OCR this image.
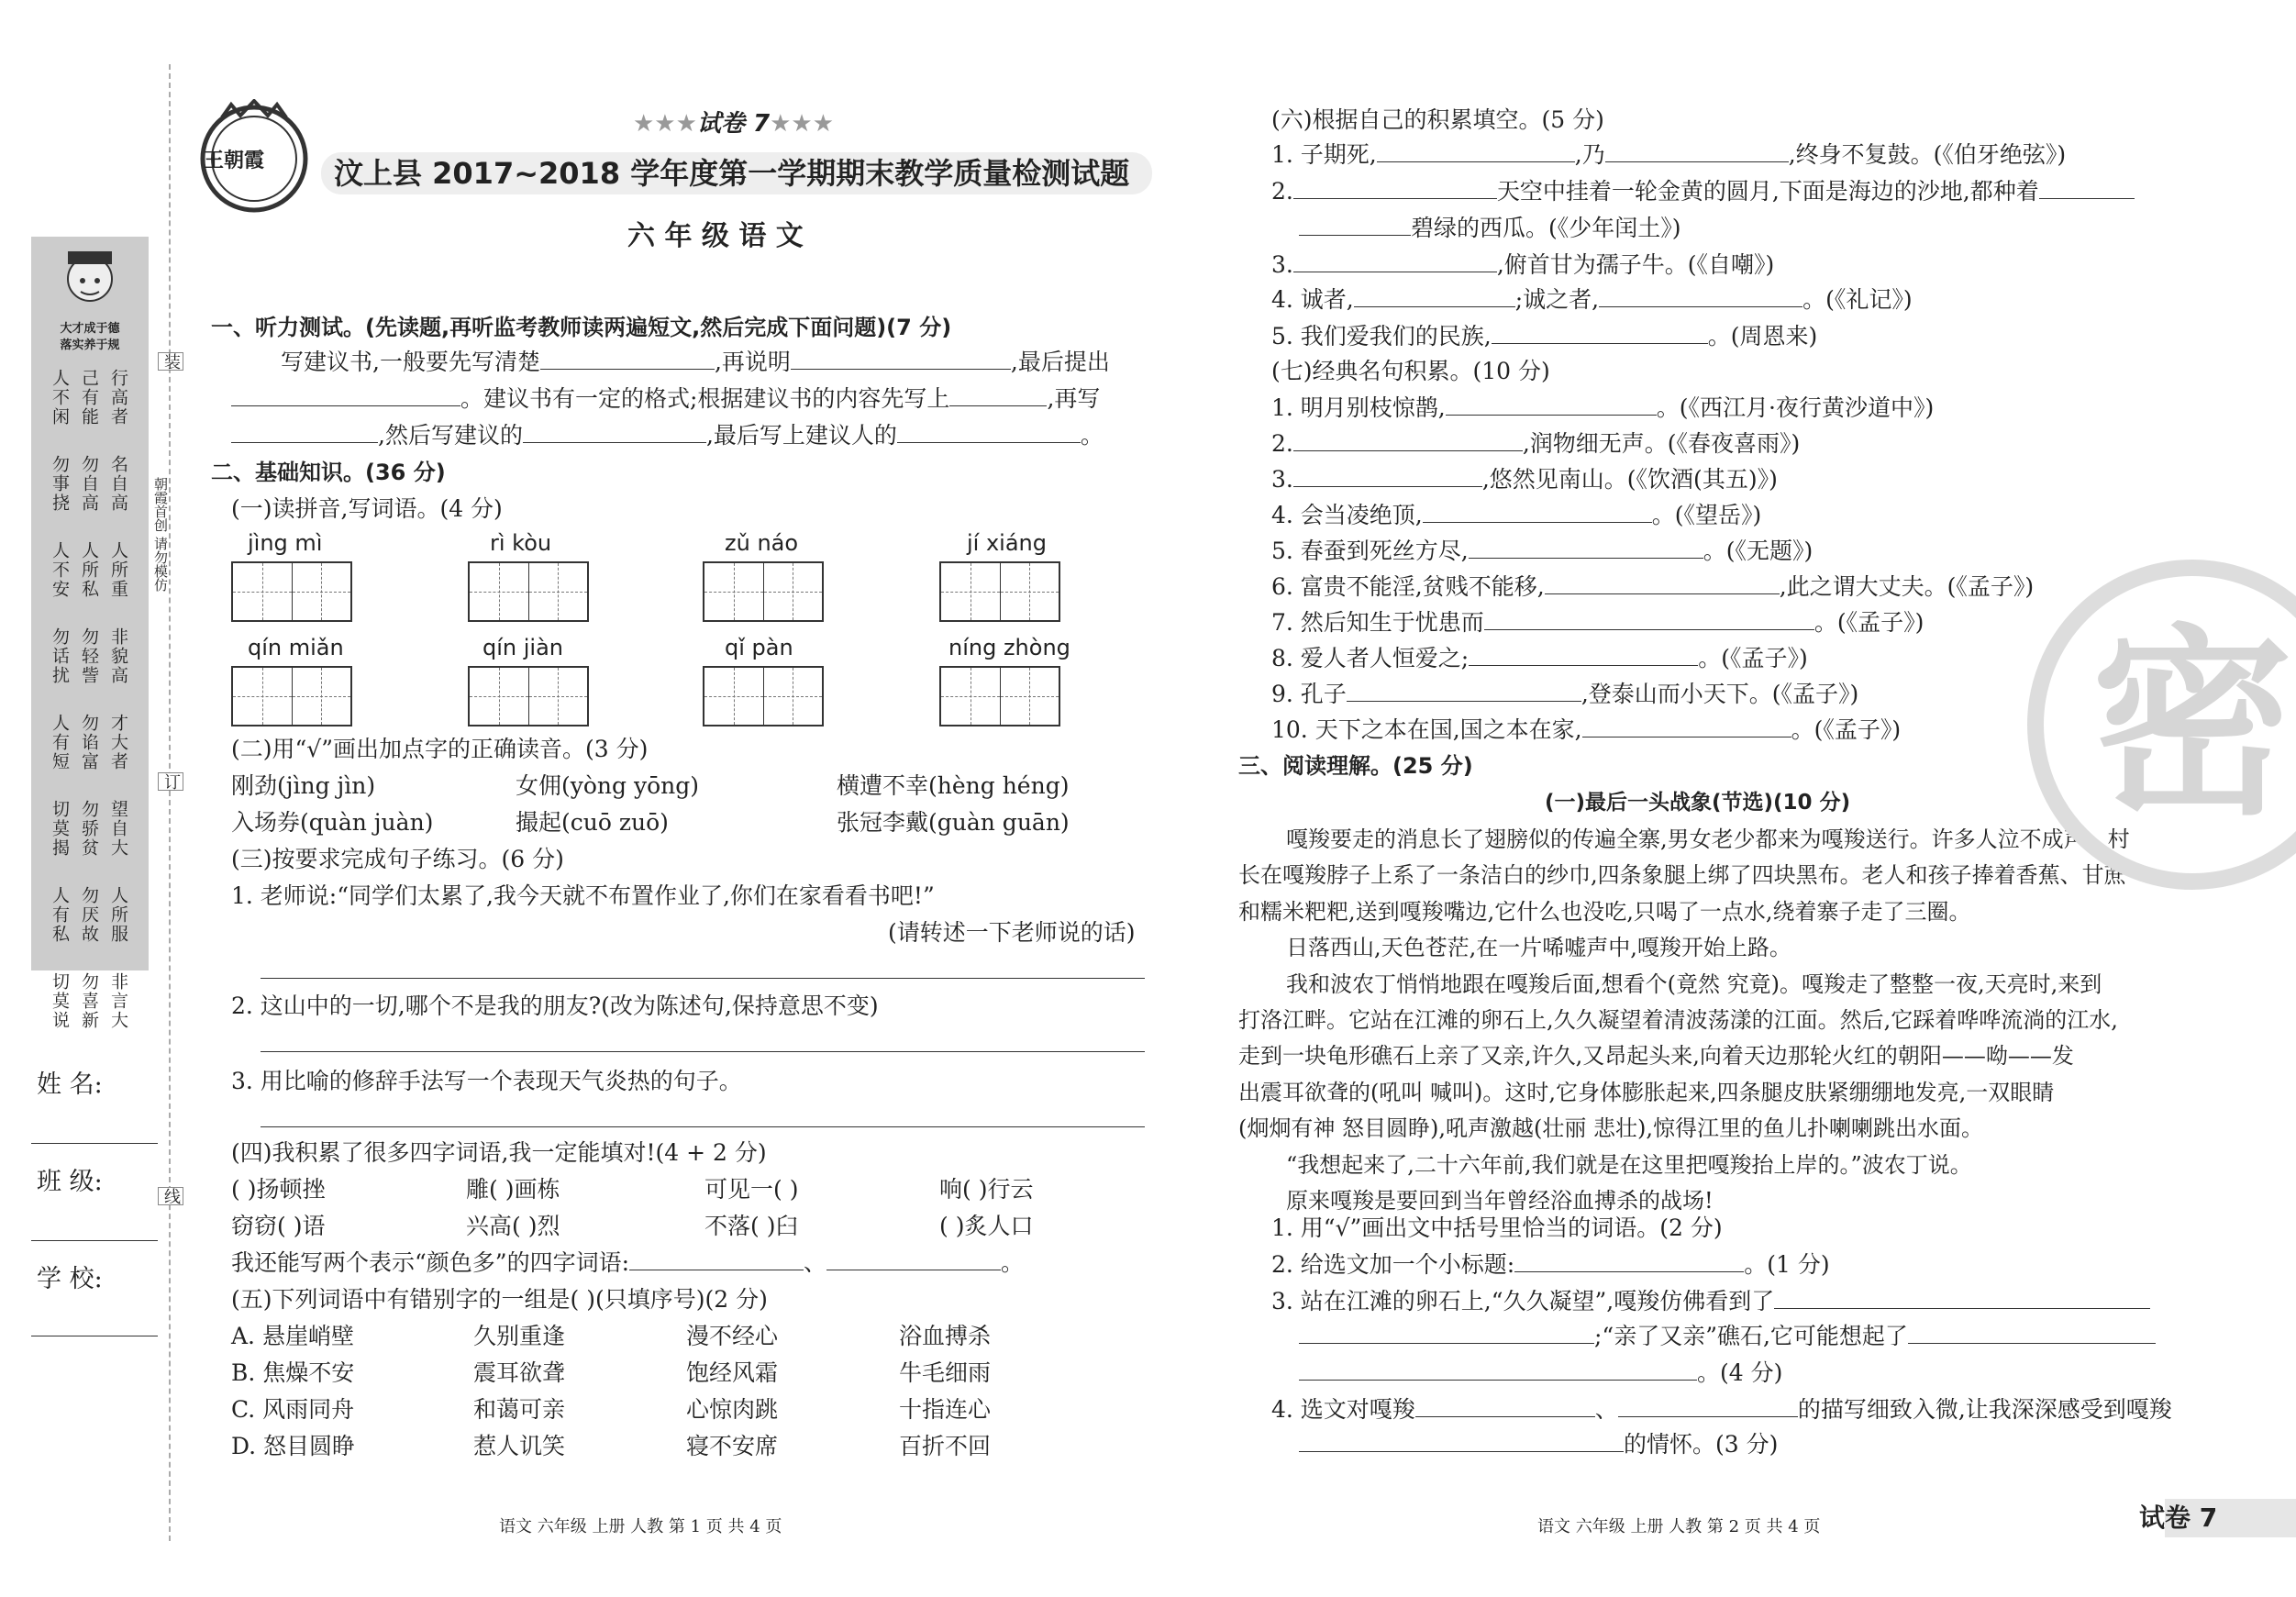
大才成于德
落实养于规
行高者
己有能
人不闲
名自高
勿自高
勿事挠
人所重
人所私
人不安
非貌高
勿轻訾
勿话扰
才大者
勿谄富
人有短
望自大
勿骄贫
切莫揭
人所服
勿厌故
人有私
非言大
勿喜新
切莫说
装
朝霞首创 请勿模仿
订
线
姓 名:
班 级:
学 校:
王朝霞
★★★试卷 7★★★
汶上县 2017~2018 学年度第一学期期末教学质量检测试题
六 年 级 语 文
一、听力测试。(先读题,再听监考教师读两遍短文,然后完成下面问题)(7 分)
写建议书,一般要先写清楚	,再说明	,最后提出
。建议书有一定的格式;根据建议书的内容先写上	,再写
,然后写建议的	,最后写上建议人的	。
二、基础知识。(36 分)
(一)读拼音,写词语。(4 分)
jìng mì	rì kòu	zǔ náo	jí xiáng
qín miǎn	qín jiàn	qǐ pàn	níng zhòng
(二)用“√”画出加点字的正确读音。(3 分)
刚劲(jìng jìn)	女佣(yòng yōng)	横遭不幸(hèng héng)
入场券(quàn juàn)	撮起(cuō zuō)	张冠李戴(guàn guān)
(三)按要求完成句子练习。(6 分)
1. 老师说:“同学们太累了,我今天就不布置作业了,你们在家看看书吧!”
(请转述一下老师说的话)
2. 这山中的一切,哪个不是我的朋友?(改为陈述句,保持意思不变)
3. 用比喻的修辞手法写一个表现天气炎热的句子。
(四)我积累了很多四字词语,我一定能填对!(4 + 2 分)
( )扬顿挫	雕( )画栋	可见一( )	响( )行云
窃窃( )语	兴高( )烈	不落( )臼	( )炙人口
我还能写两个表示“颜色多”的四字词语:	、	。
(五)下列词语中有错别字的一组是( )(只填序号)(2 分)
A. 悬崖峭壁	久别重逢	漫不经心	浴血搏杀
B. 焦燥不安	震耳欲聋	饱经风霜	牛毛细雨
C. 风雨同舟	和蔼可亲	心惊肉跳	十指连心
D. 怒目圆睁	惹人讥笑	寝不安席	百折不回
语文 六年级 上册 人教 第 1 页 共 4 页
(六)根据自己的积累填空。(5 分)
1. 子期死,	,乃	,终身不复鼓。(《伯牙绝弦》)
2.	天空中挂着一轮金黄的圆月,下面是海边的沙地,都种着
碧绿的西瓜。(《少年闰土》)
3.	,俯首甘为孺子牛。(《自嘲》)
4. 诚者,	;诚之者,	。(《礼记》)
5. 我们爱我们的民族,	。(周恩来)
(七)经典名句积累。(10 分)
1. 明月别枝惊鹊,	。(《西江月·夜行黄沙道中》)
2.	,润物细无声。(《春夜喜雨》)
3.	,悠然见南山。(《饮酒(其五)》)
4. 会当凌绝顶,	。(《望岳》)
5. 春蚕到死丝方尽,	。(《无题》)
6. 富贵不能淫,贫贱不能移,	,此之谓大丈夫。(《孟子》)
7. 然后知生于忧患而	。(《孟子》)
8. 爱人者人恒爱之;	。(《孟子》)
9. 孔子	,登泰山而小天下。(《孟子》)
10. 天下之本在国,国之本在家,	。(《孟子》)
三、阅读理解。(25 分)
(一)最后一头战象(节选)(10 分)
嘎羧要走的消息长了翅膀似的传遍全寨,男女老少都来为嘎羧送行。许多人泣不成声。村
长在嘎羧脖子上系了一条洁白的纱巾,四条象腿上绑了四块黑布。老人和孩子捧着香蕉、甘蔗
和糯米粑粑,送到嘎羧嘴边,它什么也没吃,只喝了一点水,绕着寨子走了三圈。
日落西山,天色苍茫,在一片唏嘘声中,嘎羧开始上路。
我和波农丁悄悄地跟在嘎羧后面,想看个(竟然 究竟)。嘎羧走了整整一夜,天亮时,来到
打洛江畔。它站在江滩的卵石上,久久凝望着清波荡漾的江面。然后,它踩着哗哗流淌的江水,
走到一块龟形礁石上亲了又亲,许久,又昂起头来,向着天边那轮火红的朝阳——呦——发
出震耳欲聋的(吼叫 喊叫)。这时,它身体膨胀起来,四条腿皮肤紧绷绷地发亮,一双眼睛
(炯炯有神 怒目圆睁),吼声激越(壮丽 悲壮),惊得江里的鱼儿扑喇喇跳出水面。
“我想起来了,二十六年前,我们就是在这里把嘎羧抬上岸的。”波农丁说。
原来嘎羧是要回到当年曾经浴血搏杀的战场!
1. 用“√”画出文中括号里恰当的词语。(2 分)
2. 给选文加一个小标题:	。(1 分)
3. 站在江滩的卵石上,“久久凝望”,嘎羧仿佛看到了
;“亲了又亲”礁石,它可能想起了
。(4 分)
4. 选文对嘎羧	、	的描写细致入微,让我深深感受到嘎羧
的情怀。(3 分)
密
语文 六年级 上册 人教 第 2 页 共 4 页	试卷 7
